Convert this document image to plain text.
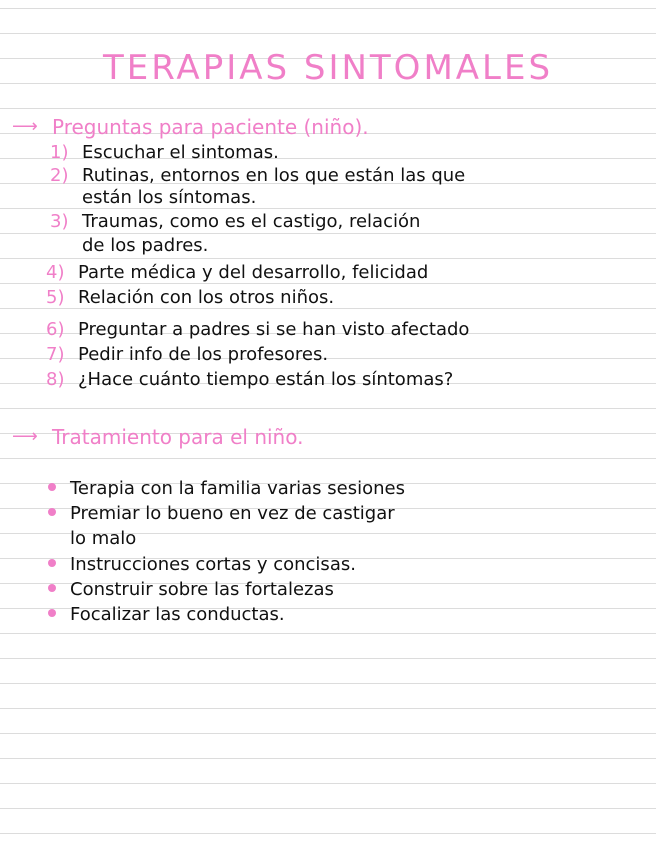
TERAPIAS SINTOMALES
⟶ Preguntas para paciente (niño).
1) Escuchar el sintomas.
2) Rutinas, entornos en los que están las que
están los síntomas.
3) Traumas, como es el castigo, relación
de los padres.
4) Parte médica y del desarrollo, felicidad
5) Relación con los otros niños.
6) Preguntar a padres si se han visto afectado
7) Pedir info de los profesores.
8) ¿Hace cuánto tiempo están los síntomas?
⟶ Tratamiento para el niño.
Terapia con la familia varias sesiones
Premiar lo bueno en vez de castigar
lo malo
Instrucciones cortas y concisas.
Construir sobre las fortalezas
Focalizar las conductas.
